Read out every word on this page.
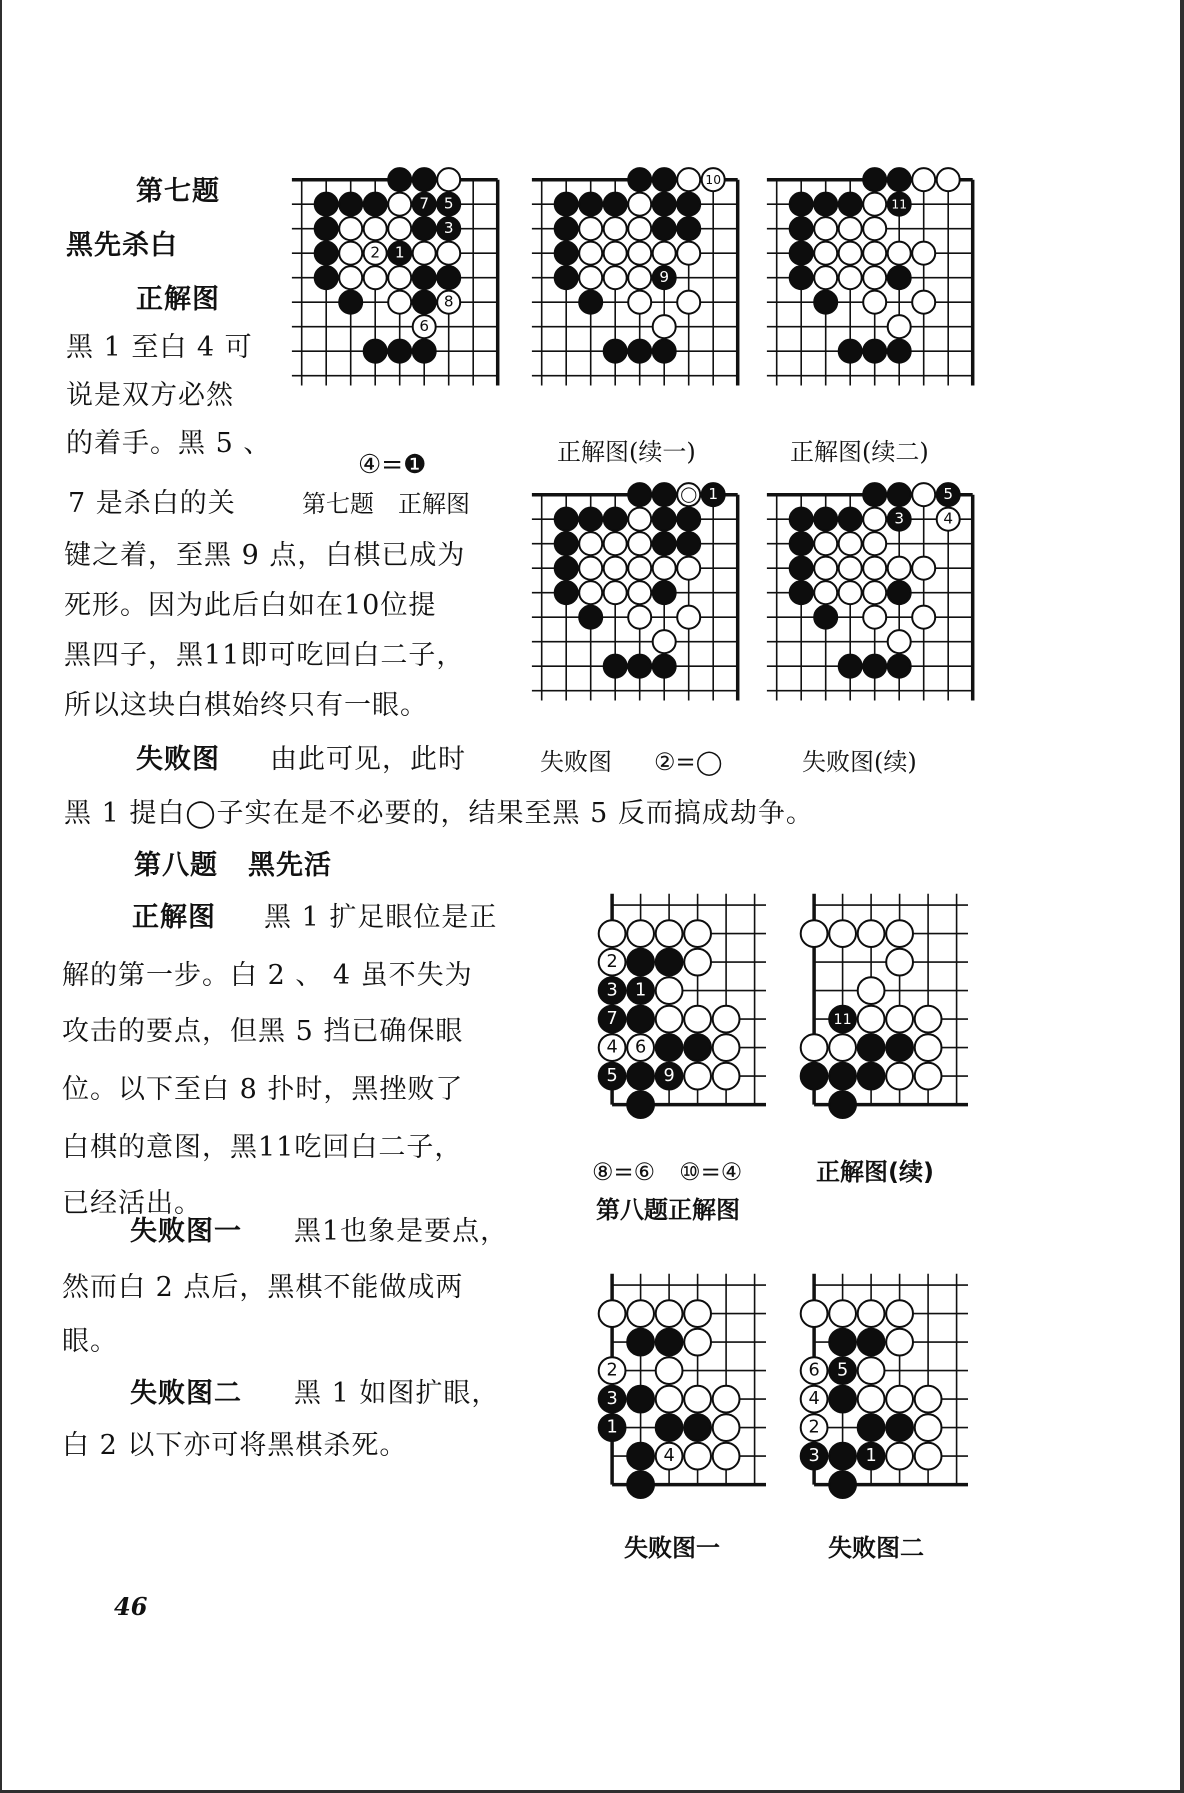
第七题
黑先杀白
正解图
黑 1 至白 4 可
说是双方必然
的着手。黑 5 、
7 是杀白的关
键之着，至黑 9 点，白棋已成为
死形。因为此后白如在10位提
黑四子，黑11即可吃回白二子，
所以这块白棋始终只有一眼。
失败图 由此可见，此时
黑 1 提白◯子实在是不必要的，结果至黑 5 反而搞成劫争。
④=❶
第七题　正解图
正解图(续一)	正解图(续二)
失败图 ②=◯	失败图(续)
第八题 黑先活
正解图 黑 1 扩足眼位是正
解的第一步。白 2 、 4 虽不失为
攻击的要点，但黑 5 挡已确保眼
位。以下至白 8 扑时，黑挫败了
白棋的意图，黑11吃回白二子，
已经活出。
失败图一 黑1也象是要点，
然而白 2 点后，黑棋不能做成两
眼。
失败图二 黑 1 如图扩眼，
白 2 以下亦可将黑棋杀死。
⑧=⑥　⑩=④
第八题正解图
正解图(续)
失败图一	失败图二
46
7 5
3
2 1
8
6
10
9
11
◯ 1	5
3	4
2
3 1
7
4 6
5	9
11
2
3
1
4
6 5
4
2
3	1
